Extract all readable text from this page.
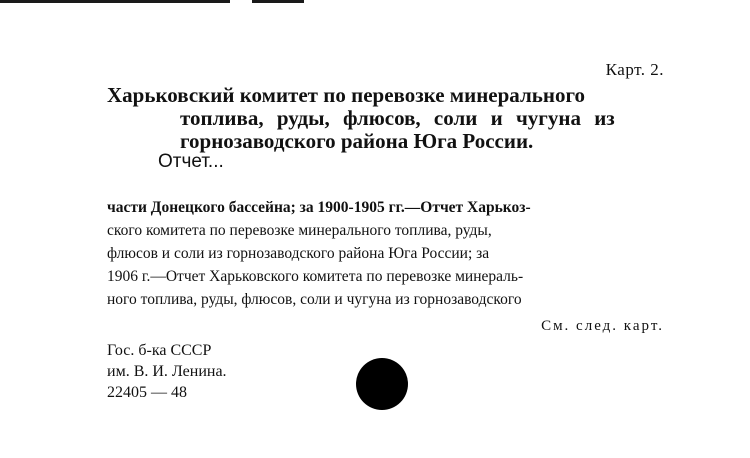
Карт. 2.
Харьковский комитет по перевозке минерального
топлива, руды, флюсов, соли и чугуна из
горнозаводского района Юга России.
Отчет...
части Донецкого бассейна; за 1900-1905 гг.—Отчет Харькоз-
ского комитета по перевозке минерального топлива, руды,
флюсов и соли из горнозаводского района Юга России; за
1906 г.—Отчет Харьковского комитета по перевозке минераль-
ного топлива, руды, флюсов, соли и чугуна из горнозаводского
См. след. карт.
Гос. б-ка СССР
им. В. И. Ленина.
22405 — 48
